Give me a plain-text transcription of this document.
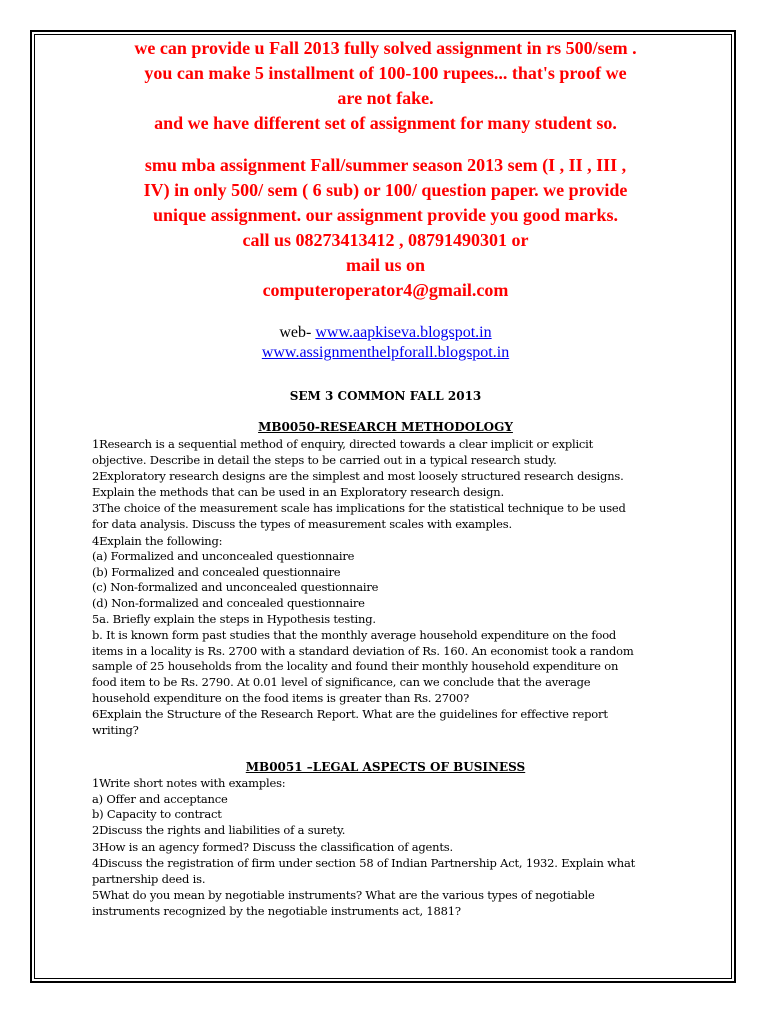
we can provide u Fall 2013 fully solved assignment in rs 500/sem .

you can make 5 installment of 100-100 rupees... that's proof we

are not fake.

and we have different set of assignment for many student so.

smu mba assignment Fall/summer season 2013 sem (I , II , III ,

IV) in only 500/ sem ( 6 sub) or 100/ question paper. we provide

unique assignment. our assignment provide you good marks.

call us 08273413412 , 08791490301 or

mail us on

computeroperator4@gmail.com

web- www.aapkiseva.blogspot.in
www.assignmenthelpforall.blogspot.in
SEM 3 COMMON FALL 2013
MB0050-RESEARCH METHODOLOGY

1Research is a sequential method of enquiry, directed towards a clear implicit or explicit

objective. Describe in detail the steps to be carried out in a typical research study.

2Exploratory research designs are the simplest and most loosely structured research designs.

Explain the methods that can be used in an Exploratory research design.

3The choice of the measurement scale has implications for the statistical technique to be used

for data analysis. Discuss the types of measurement scales with examples.

4Explain the following:

(a) Formalized and unconcealed questionnaire

(b) Formalized and concealed questionnaire

(c) Non-formalized and unconcealed questionnaire

(d) Non-formalized and concealed questionnaire

5a. Briefly explain the steps in Hypothesis testing.

b. It is known form past studies that the monthly average household expenditure on the food

items in a locality is Rs. 2700 with a standard deviation of Rs. 160. An economist took a random

sample of 25 households from the locality and found their monthly household expenditure on

food item to be Rs. 2790. At 0.01 level of significance, can we conclude that the average

household expenditure on the food items is greater than Rs. 2700?

6Explain the Structure of the Research Report. What are the guidelines for effective report

writing?

MB0051 –LEGAL ASPECTS OF BUSINESS

1Write short notes with examples:

a) Offer and acceptance

b) Capacity to contract

2Discuss the rights and liabilities of a surety.

3How is an agency formed? Discuss the classification of agents.

4Discuss the registration of firm under section 58 of Indian Partnership Act, 1932. Explain what

partnership deed is.

5What do you mean by negotiable instruments? What are the various types of negotiable

instruments recognized by the negotiable instruments act, 1881?
